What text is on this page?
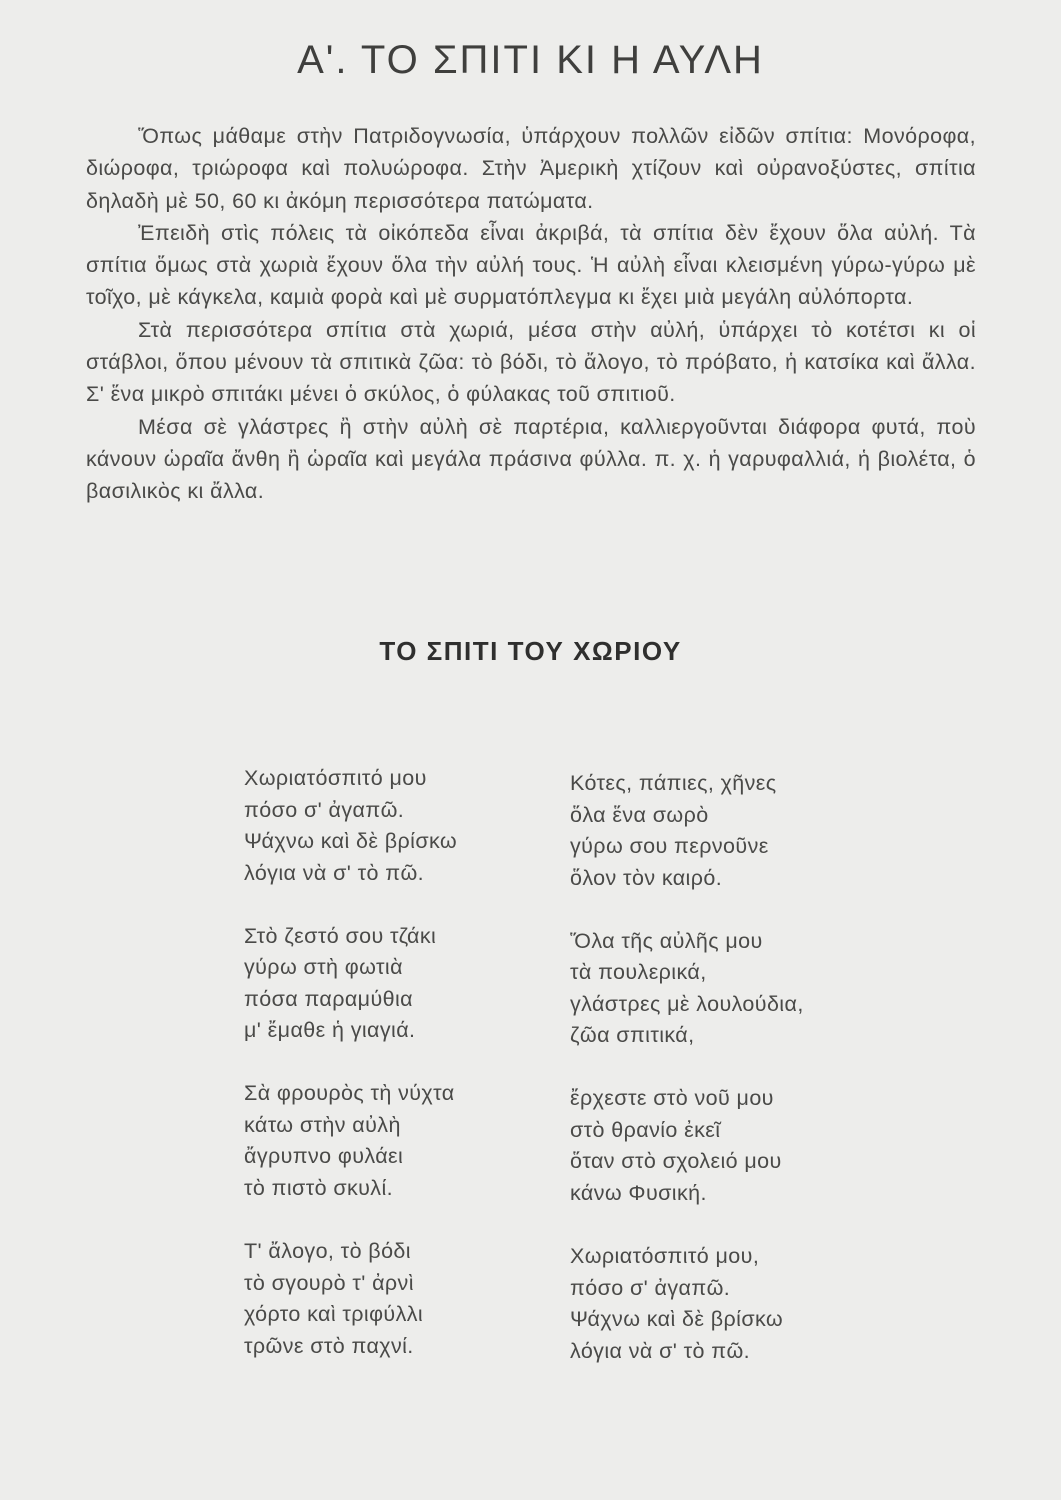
Α'. ΤΟ ΣΠΙΤΙ ΚΙ Η ΑΥΛΗ

Ὅπως μάθαμε στὴν Πατριδογνωσία, ὑπάρχουν πολλῶν εἰδῶν σπίτια: Μονόροφα, διώροφα, τριώροφα καὶ πολυώροφα. Στὴν Ἀμερικὴ χτίζουν καὶ οὐρανοξύστες, σπίτια δηλαδὴ μὲ 50, 60 κι ἀκόμη περισσότερα πατώματα.

Ἐπειδὴ στὶς πόλεις τὰ οἰκόπεδα εἶναι ἀκριβά, τὰ σπίτια δὲν ἔχουν ὅλα αὐλή. Τὰ σπίτια ὅμως στὰ χωριὰ ἔχουν ὅλα τὴν αὐλή τους. Ἡ αὐλὴ εἶναι κλεισμένη γύρω-γύρω μὲ τοῖχο, μὲ κάγκελα, καμιὰ φορὰ καὶ μὲ συρματόπλεγμα κι ἔχει μιὰ μεγάλη αὐλόπορτα.

Στὰ περισσότερα σπίτια στὰ χωριά, μέσα στὴν αὐλή, ὑπάρχει τὸ κοτέτσι κι οἱ στάβλοι, ὅπου μένουν τὰ σπιτικὰ ζῶα: τὸ βόδι, τὸ ἄλογο, τὸ πρόβατο, ἡ κατσίκα καὶ ἄλλα. Σ' ἕνα μικρὸ σπιτάκι μένει ὁ σκύλος, ὁ φύλακας τοῦ σπιτιοῦ.

Μέσα σὲ γλάστρες ἢ στὴν αὐλὴ σὲ παρτέρια, καλλιεργοῦνται διάφορα φυτά, ποὺ κάνουν ὡραῖα ἄνθη ἢ ὡραῖα καὶ μεγάλα πράσινα φύλλα. π. χ. ἡ γαρυφαλλιά, ἡ βιολέτα, ὁ βασιλικὸς κι ἄλλα.

ΤΟ ΣΠΙΤΙ ΤΟΥ ΧΩΡΙΟΥ
Χωριατόσπιτό μου
πόσο σ' ἀγαπῶ.
Ψάχνω καὶ δὲ βρίσκω
λόγια νὰ σ' τὸ πῶ.
Στὸ ζεστό σου τζάκι
γύρω στὴ φωτιὰ
πόσα παραμύθια
μ' ἔμαθε ἡ γιαγιά.
Σὰ φρουρὸς τὴ νύχτα
κάτω στὴν αὐλὴ
ἄγρυπνο φυλάει
τὸ πιστὸ σκυλί.
Τ' ἄλογο, τὸ βόδι
τὸ σγουρὸ τ' ἀρνὶ
χόρτο καὶ τριφύλλι
τρῶνε στὸ παχνί.
Κότες, πάπιες, χῆνες
ὅλα ἕνα σωρὸ
γύρω σου περνοῦνε
ὅλον τὸν καιρό.
Ὅλα τῆς αὐλῆς μου
τὰ πουλερικά,
γλάστρες μὲ λουλούδια,
ζῶα σπιτικά,
ἔρχεστε στὸ νοῦ μου
στὸ θρανίο ἐκεῖ
ὅταν στὸ σχολειό μου
κάνω Φυσική.
Χωριατόσπιτό μου,
πόσο σ' ἀγαπῶ.
Ψάχνω καὶ δὲ βρίσκω
λόγια νὰ σ' τὸ πῶ.
